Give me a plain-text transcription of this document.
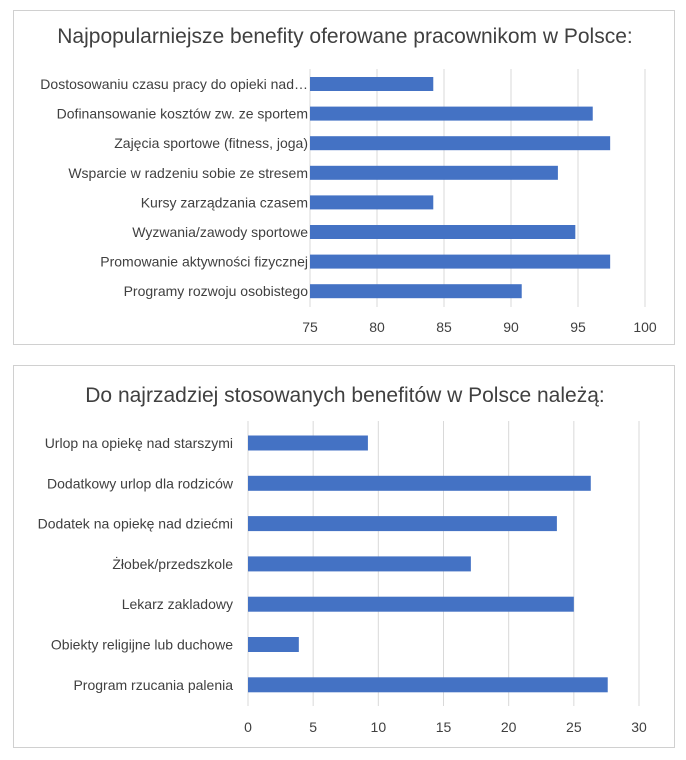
Najpopularniejsze benefity oferowane pracownikom w Polsce:
75	80	85	90	95	100
Dostosowaniu czasu pracy do opieki nad…
Dofinansowanie kosztów zw. ze sportem
Zajęcia sportowe (fitness, joga)
Wsparcie w radzeniu sobie ze stresem
Kursy zarządzania czasem
Wyzwania/zawody sportowe
Promowanie aktywności fizycznej
Programy rozwoju osobistego
Do najrzadziej stosowanych benefitów w Polsce należą:
0	5	10	15	20	25	30
Urlop na opiekę nad starszymi
Dodatkowy urlop dla rodziców
Dodatek na opiekę nad dziećmi
Żłobek/przedszkole
Lekarz zakladowy
Obiekty religijne lub duchowe
Program rzucania palenia
